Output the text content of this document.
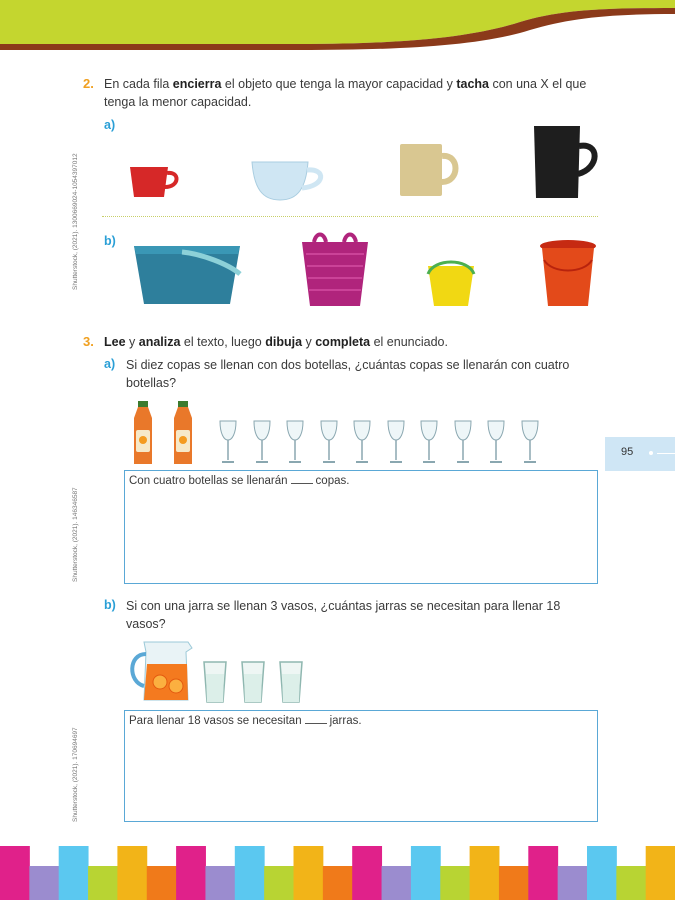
2. En cada fila encierra el objeto que tenga la mayor capacidad y tacha con una X el que
tenga la menor capacidad.
a)
b)
Shutterstock, (2021). 1300669024-1054397012
3. Lee y analiza el texto, luego dibuja y completa el enunciado.
a) Si diez copas se llenan con dos botellas, ¿cuántas copas se llenarán con cuatro
botellas?
Con cuatro botellas se llenarán copas.
Shutterstock, (2021). 146346587
95
b) Si con una jarra se llenan 3 vasos, ¿cuántas jarras se necesitan para llenar 18
vasos?
Para llenar 18 vasos se necesitan jarras.
Shutterstock, (2021). 170694697
